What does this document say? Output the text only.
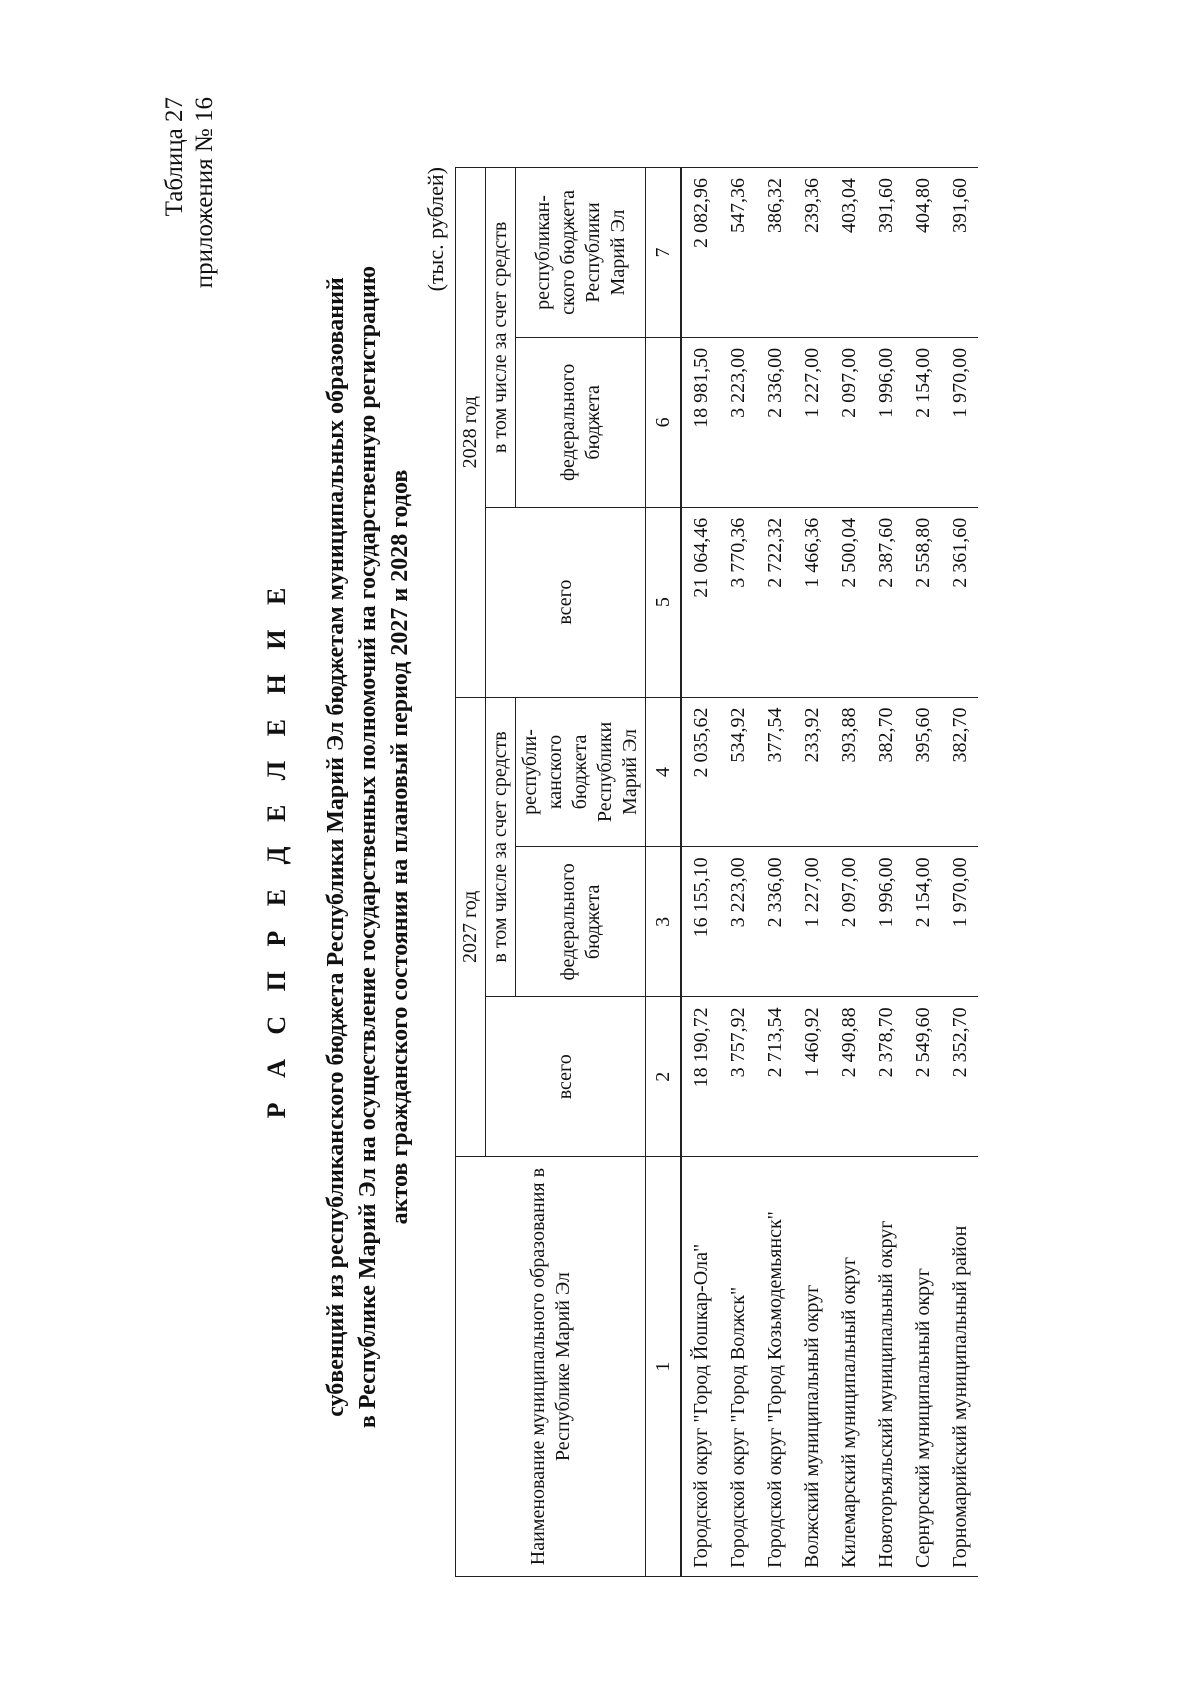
Таблица 27 приложения № 16
Р А С П Р Е Д Е Л Е Н И Е субвенций из республиканского бюджета Республики Марий Эл бюджетам муниципальных образований в Республике Марий Эл на осуществление государственных полномочий на государственную регистрацию актов гражданского состояния на плановый период 2027 и 2028 годов
(тыс. рублей)
Наименование муниципального образования в Республике Марий Эл	2027 год			2028 год		
	всего	в том числе за счет средств		всего	в том числе за счет средств	
		федерального бюджета	республи-канского бюджета Республики Марий Эл		федерального бюджета	республикан-ского бюджета Республики Марий Эл
1	2	3	4	5	6	7
Городской округ "Город Йошкар-Ола"	18 190,72	16 155,10	2 035,62	21 064,46	18 981,50	2 082,96
Городской округ "Город Волжск"	3 757,92	3 223,00	534,92	3 770,36	3 223,00	547,36
Городской округ "Город Козьмодемьянск"	2 713,54	2 336,00	377,54	2 722,32	2 336,00	386,32
Волжский муниципальный округ	1 460,92	1 227,00	233,92	1 466,36	1 227,00	239,36
Килемарский муниципальный округ	2 490,88	2 097,00	393,88	2 500,04	2 097,00	403,04
Новоторъяльский муниципальный округ	2 378,70	1 996,00	382,70	2 387,60	1 996,00	391,60
Сернурский муниципальный округ	2 549,60	2 154,00	395,60	2 558,80	2 154,00	404,80
Горномарийский муниципальный район	2 352,70	1 970,00	382,70	2 361,60	1 970,00	391,60
